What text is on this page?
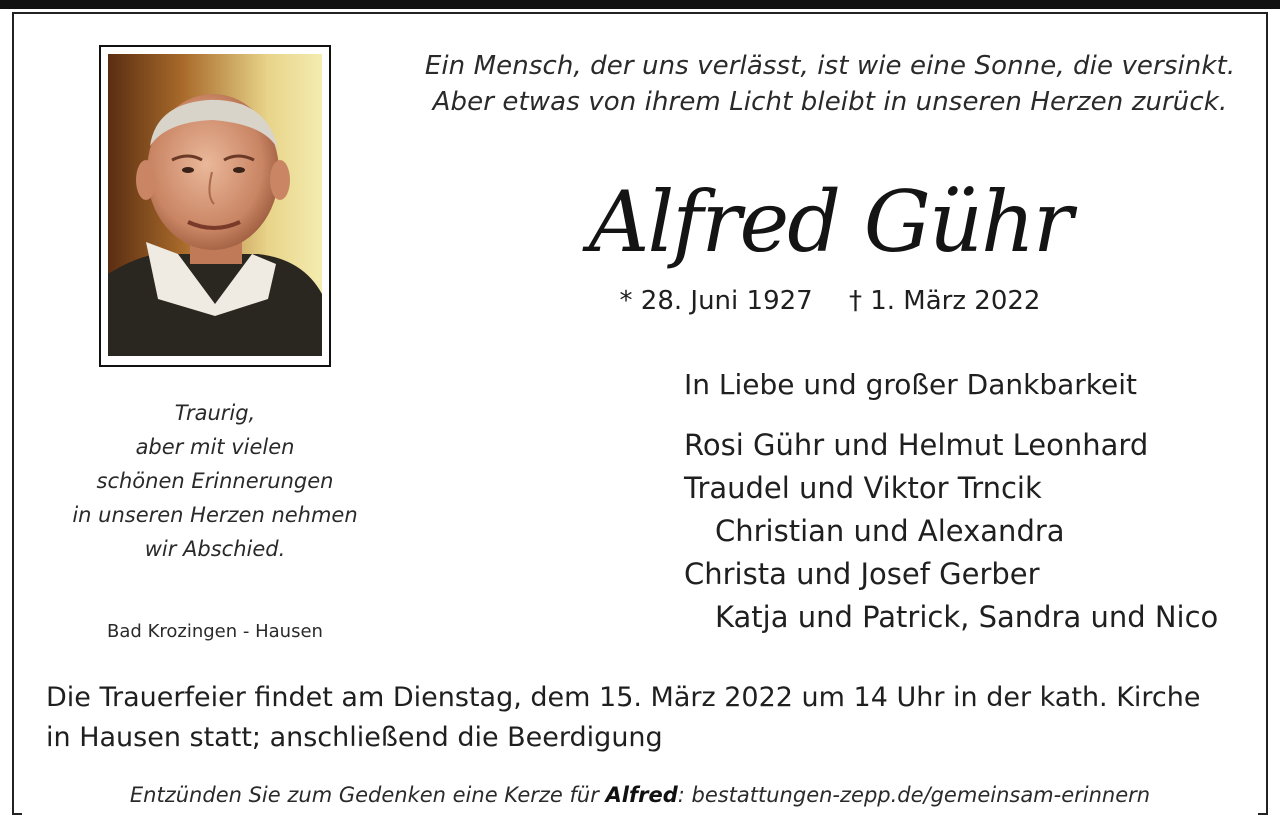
Ein Mensch, der uns verlässt, ist wie eine Sonne, die versinkt.
Aber etwas von ihrem Licht bleibt in unseren Herzen zurück.
Alfred Gühr
* 28. Juni 1927 † 1. März 2022
Traurig,
aber mit vielen
schönen Erinnerungen
in unseren Herzen nehmen
wir Abschied.
Bad Krozingen - Hausen
In Liebe und großer Dankbarkeit
Rosi Gühr und Helmut Leonhard
Traudel und Viktor Trncik
Christian und Alexandra
Christa und Josef Gerber
Katja und Patrick, Sandra und Nico
Die Trauerfeier findet am Dienstag, dem 15. März 2022 um 14 Uhr in der kath. Kirche
in Hausen statt; anschließend die Beerdigung
Entzünden Sie zum Gedenken eine Kerze für Alfred: bestattungen-zepp.de/gemeinsam-erinnern
